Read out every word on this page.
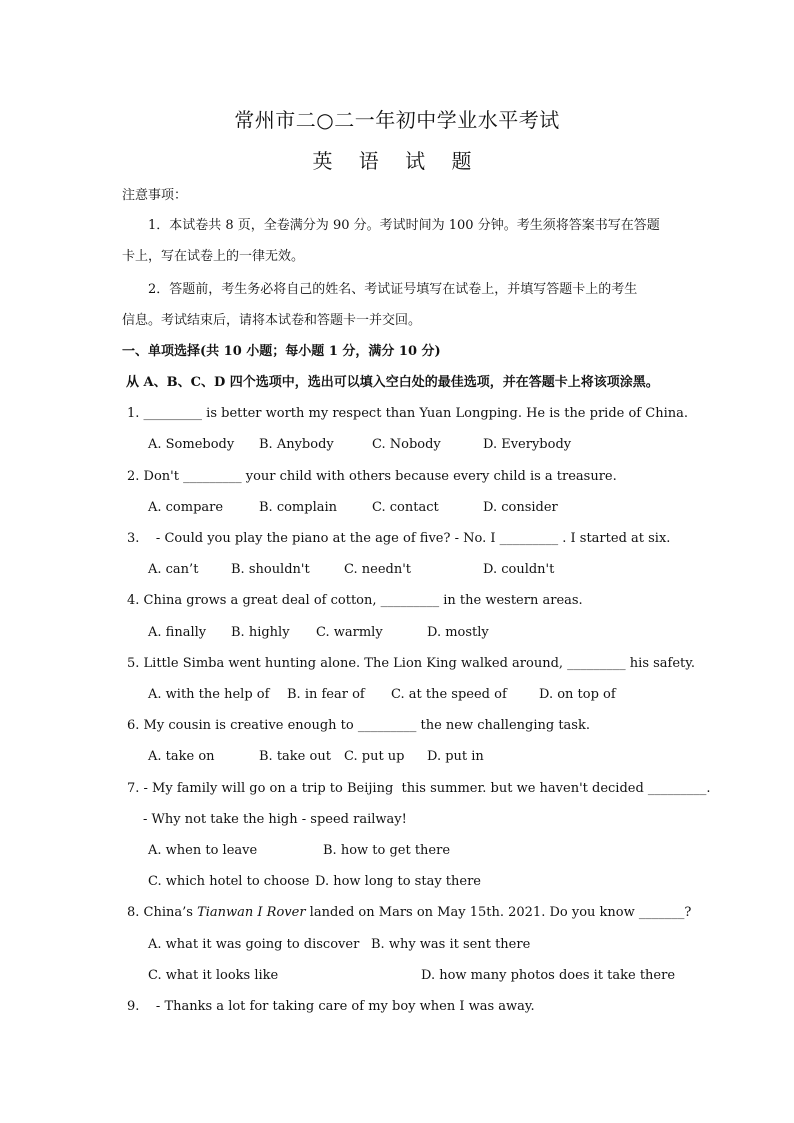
常州市二○二一年初中学业水平考试
英 语 试 题
注意事项：
1．本试卷共 8 页，全卷满分为 90 分。考试时间为 100 分钟。考生须将答案书写在答题
卡上，写在试卷上的一律无效。
2．答题前，考生务必将自己的姓名、考试证号填写在试卷上，并填写答题卡上的考生
信息。考试结束后，请将本试卷和答题卡一并交回。
一、单项选择(共 10 小题；每小题 1 分，满分 10 分)
从 A、B、C、D 四个选项中，选出可以填入空白处的最佳选项，并在答题卡上将该项涂黑。
1. _________ is better worth my respect than Yuan Longping. He is the pride of China.
A. Somebody B. Anybody	C. Nobody	D. Everybody
2. Don't _________ your child with others because every child is a treasure.
A. compare	B. complain	C. contact	D. consider
3.    - Could you play the piano at the age of five? - No. I _________ . I started at six.
A. can’t	B. shouldn't	C. needn't	D. couldn't
4. China grows a great deal of cotton, _________ in the western areas.
A. finally B. highly C. warmly	D. mostly
5. Little Simba went hunting alone. The Lion King walked around, _________ his safety.
A. with the help of B. in fear of C. at the speed of D. on top of
6. My cousin is creative enough to _________ the new challenging task.
A. take on	B. take out C. put up D. put in
7. - My family will go on a trip to Beijing  this summer. but we haven't decided _________.
- Why not take the high - speed railway!
A. when to leave	B. how to get there
C. which hotel to choose D. how long to stay there
8. China’s Tianwan I Rover landed on Mars on May 15th. 2021. Do you know _______?
A. what it was going to discover B. why was it sent there
C. what it looks like	D. how many photos does it take there
9.    - Thanks a lot for taking care of my boy when I was away.
